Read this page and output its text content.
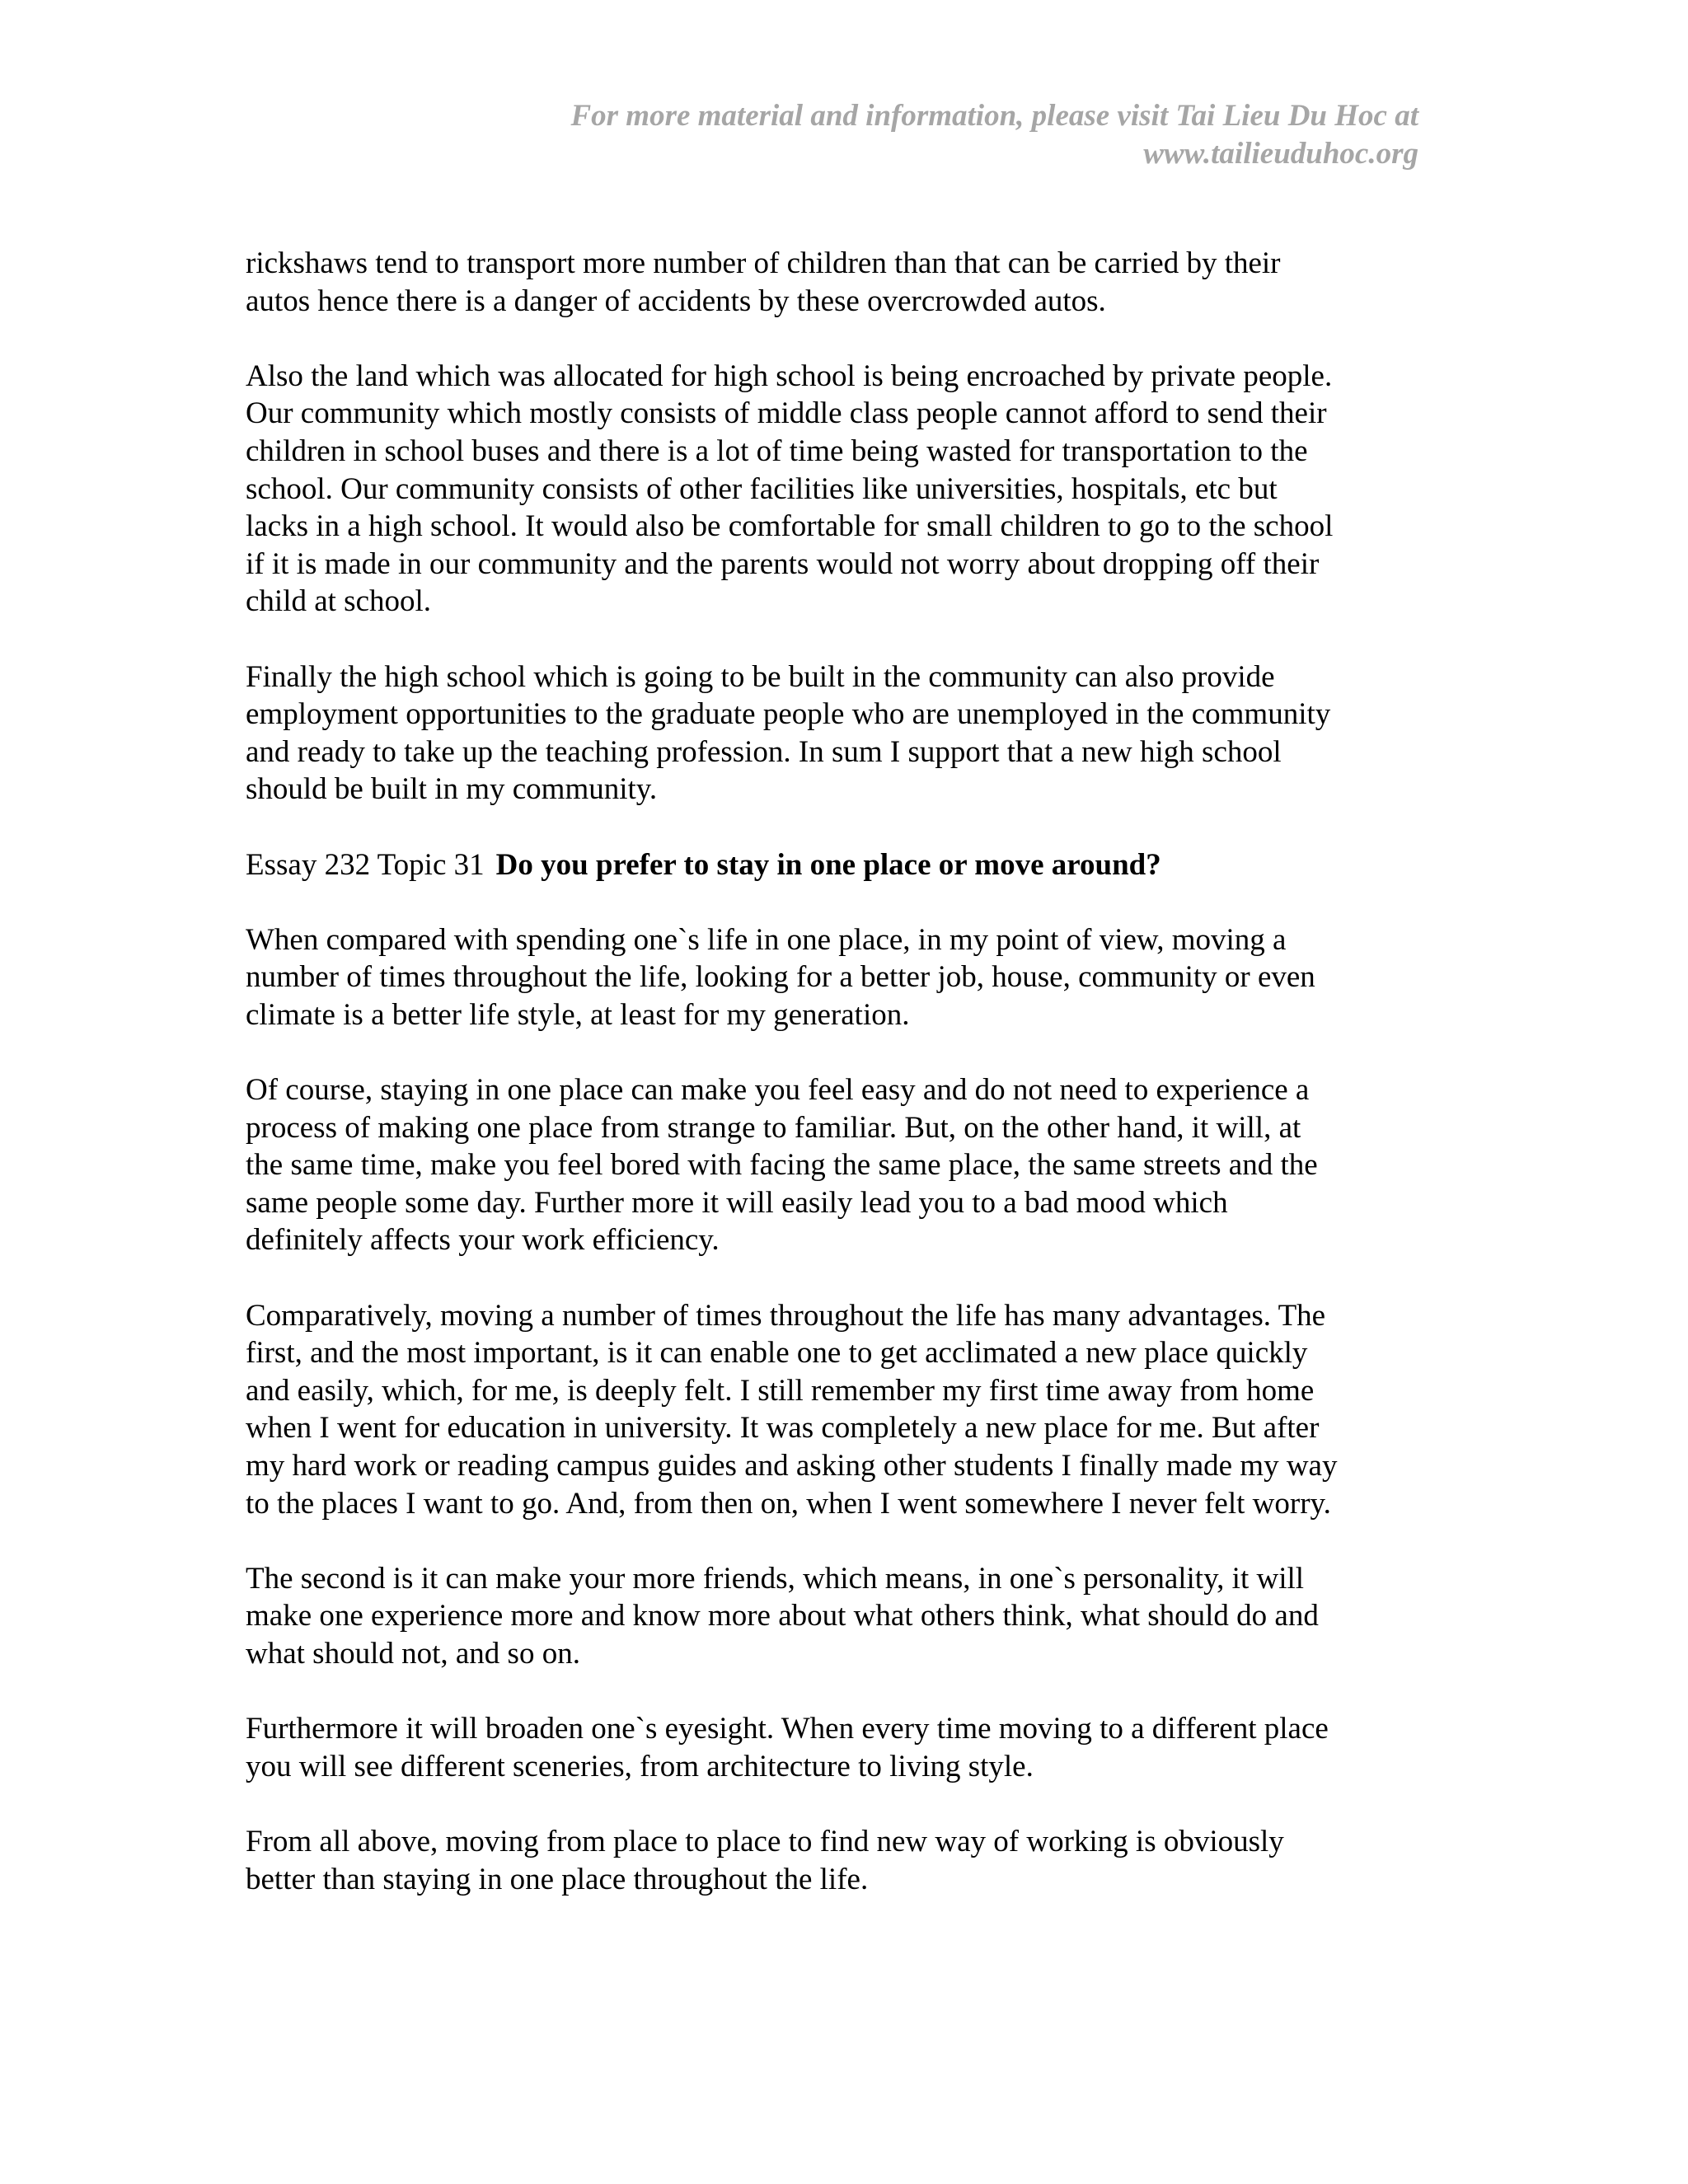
For more material and information, please visit Tai Lieu Du Hoc at
www.tailieuduhoc.org
rickshaws tend to transport more number of children than that can be carried by their
autos hence there is a danger of accidents by these overcrowded autos.
Also the land which was allocated for high school is being encroached by private people.
Our community which mostly consists of middle class people cannot afford to send their
children in school buses and there is a lot of time being wasted for transportation to the
school. Our community consists of other facilities like universities, hospitals, etc but
lacks in a high school. It would also be comfortable for small children to go to the school
if it is made in our community and the parents would not worry about dropping off their
child at school.
Finally the high school which is going to be built in the community can also provide
employment opportunities to the graduate people who are unemployed in the community
and ready to take up the teaching profession. In sum I support that a new high school
should be built in my community.
Essay 232 Topic 31 Do you prefer to stay in one place or move around?
When compared with spending one`s life in one place, in my point of view, moving a
number of times throughout the life, looking for a better job, house, community or even
climate is a better life style, at least for my generation.
Of course, staying in one place can make you feel easy and do not need to experience a
process of making one place from strange to familiar. But, on the other hand, it will, at
the same time, make you feel bored with facing the same place, the same streets and the
same people some day. Further more it will easily lead you to a bad mood which
definitely affects your work efficiency.
Comparatively, moving a number of times throughout the life has many advantages. The
first, and the most important, is it can enable one to get acclimated a new place quickly
and easily, which, for me, is deeply felt. I still remember my first time away from home
when I went for education in university. It was completely a new place for me. But after
my hard work or reading campus guides and asking other students I finally made my way
to the places I want to go. And, from then on, when I went somewhere I never felt worry.
The second is it can make your more friends, which means, in one`s personality, it will
make one experience more and know more about what others think, what should do and
what should not, and so on.
Furthermore it will broaden one`s eyesight. When every time moving to a different place
you will see different sceneries, from architecture to living style.
From all above, moving from place to place to find new way of working is obviously
better than staying in one place throughout the life.
